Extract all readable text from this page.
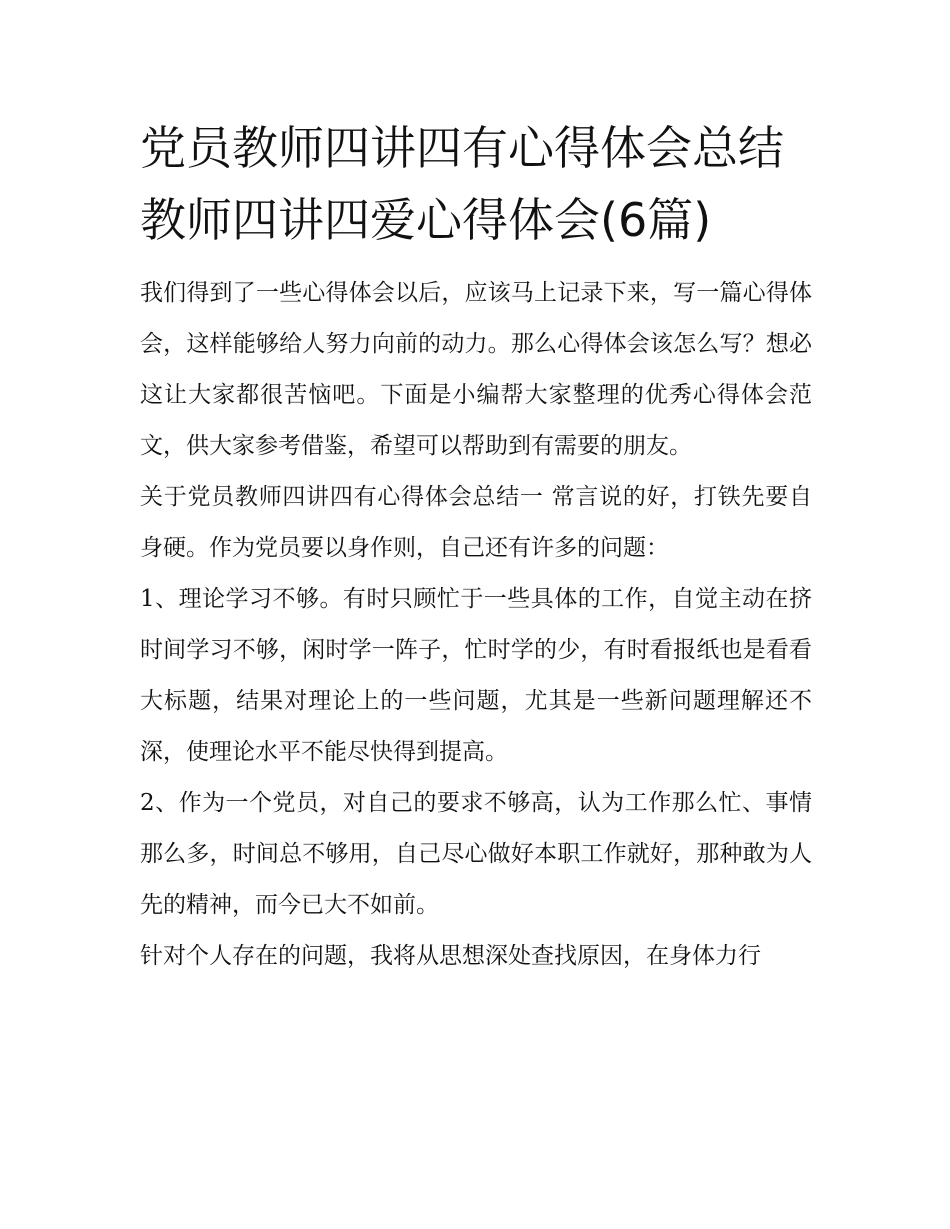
党员教师四讲四有心得体会总结 教师四讲四爱心得体会(6篇)

我们得到了一些心得体会以后，应该马上记录下来，写一篇心得体会，这样能够给人努力向前的动力。那么心得体会该怎么写？想必这让大家都很苦恼吧。下面是小编帮大家整理的优秀心得体会范文，供大家参考借鉴，希望可以帮助到有需要的朋友。

关于党员教师四讲四有心得体会总结一 常言说的好，打铁先要自身硬。作为党员要以身作则，自己还有许多的问题：

1、理论学习不够。有时只顾忙于一些具体的工作，自觉主动在挤时间学习不够，闲时学一阵子，忙时学的少，有时看报纸也是看看大标题，结果对理论上的一些问题，尤其是一些新问题理解还不深，使理论水平不能尽快得到提高。

2、作为一个党员，对自己的要求不够高，认为工作那么忙、事情那么多，时间总不够用，自己尽心做好本职工作就好，那种敢为人先的精神，而今已大不如前。

针对个人存在的问题，我将从思想深处查找原因，在身体力行
